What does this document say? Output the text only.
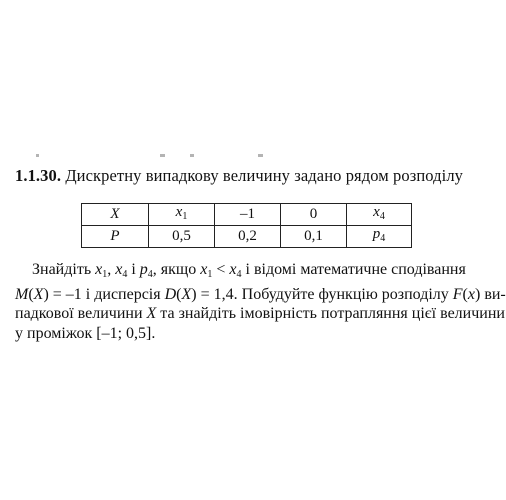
1.1.30. Дискретну випадкову величину задано рядом розподілу
X	$x_1$	–1	0	$x_4$
P	0,5	0,2	0,1	$p_4$
Знайдіть $x_1$, $x_4$ і $p_4$, якщо $x_1 < x_4$ і відомі математичне сподівання
M(X) = –1 і дисперсія D(X) = 1,4. Побудуйте функцію розподілу F(x) ви-
падкової величини X та знайдіть імовірність потрапляння цієї величини
у проміжок [–1; 0,5].
